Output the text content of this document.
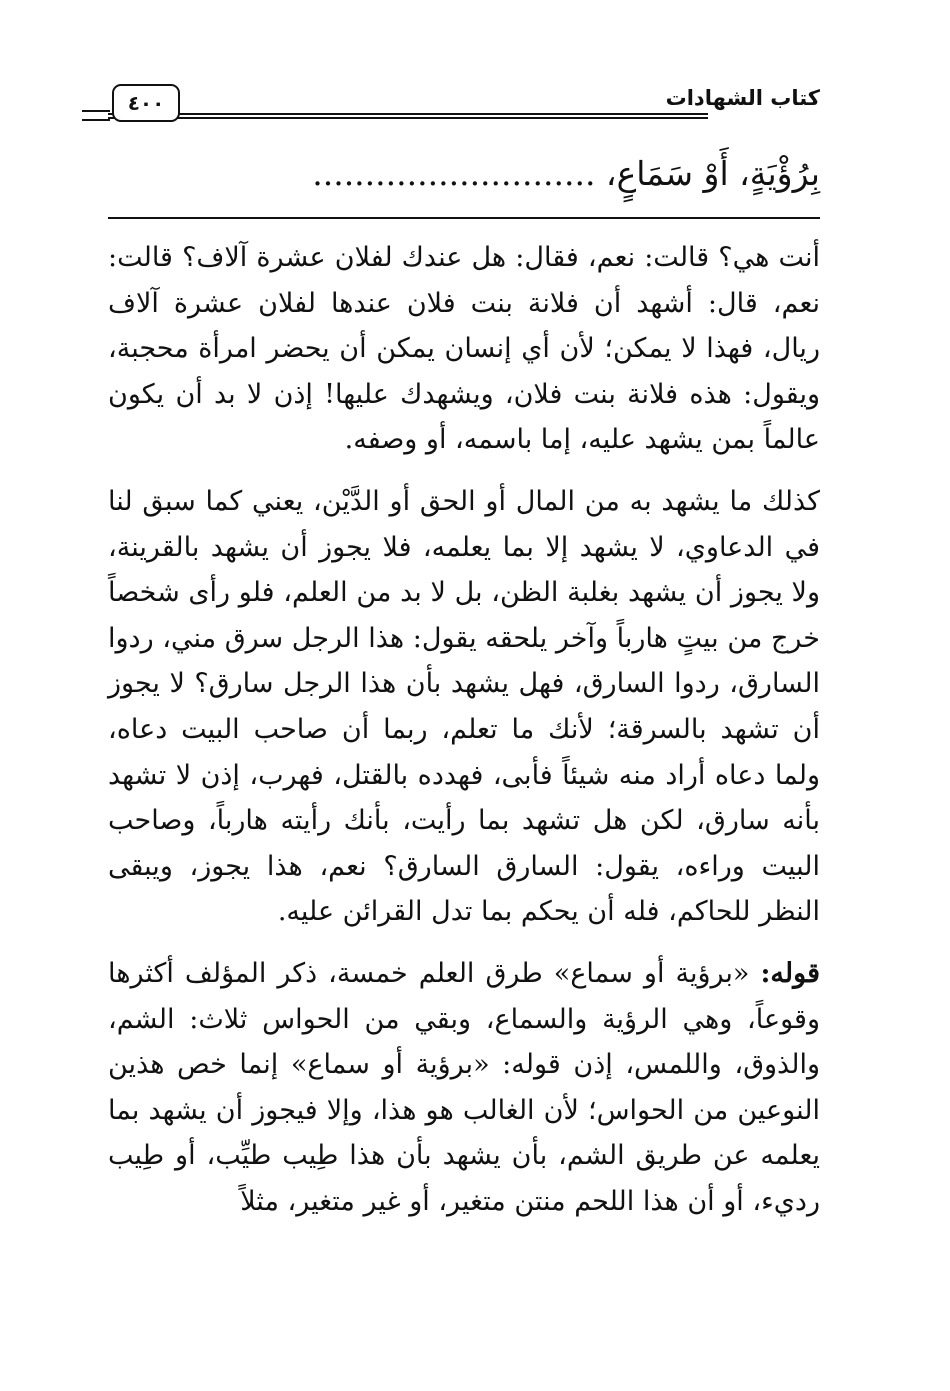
كتاب الشهادات
٤٠٠
بِرُؤْيَةٍ، أَوْ سَمَاعٍ، ...........................

أنت هي؟ قالت: نعم، فقال: هل عندك لفلان عشرة آلاف؟ قالت: نعم، قال: أشهد أن فلانة بنت فلان عندها لفلان عشرة آلاف ريال، فهذا لا يمكن؛ لأن أي إنسان يمكن أن يحضر امرأة محجبة، ويقول: هذه فلانة بنت فلان، ويشهدك عليها! إذن لا بد أن يكون عالماً بمن يشهد عليه، إما باسمه، أو وصفه.

كذلك ما يشهد به من المال أو الحق أو الدَّيْن، يعني كما سبق لنا في الدعاوي، لا يشهد إلا بما يعلمه، فلا يجوز أن يشهد بالقرينة، ولا يجوز أن يشهد بغلبة الظن، بل لا بد من العلم، فلو رأى شخصاً خرج من بيتٍ هارباً وآخر يلحقه يقول: هذا الرجل سرق مني، ردوا السارق، ردوا السارق، فهل يشهد بأن هذا الرجل سارق؟ لا يجوز أن تشهد بالسرقة؛ لأنك ما تعلم، ربما أن صاحب البيت دعاه، ولما دعاه أراد منه شيئاً فأبى، فهدده بالقتل، فهرب، إذن لا تشهد بأنه سارق، لكن هل تشهد بما رأيت، بأنك رأيته هارباً، وصاحب البيت وراءه، يقول: السارق السارق؟ نعم، هذا يجوز، ويبقى النظر للحاكم، فله أن يحكم بما تدل القرائن عليه.

قوله: «برؤية أو سماع» طرق العلم خمسة، ذكر المؤلف أكثرها وقوعاً، وهي الرؤية والسماع، وبقي من الحواس ثلاث: الشم، والذوق، واللمس، إذن قوله: «برؤية أو سماع» إنما خص هذين النوعين من الحواس؛ لأن الغالب هو هذا، وإلا فيجوز أن يشهد بما يعلمه عن طريق الشم، بأن يشهد بأن هذا طِيب طيِّب، أو طِيب رديء، أو أن هذا اللحم منتن متغير، أو غير متغير، مثلاً
